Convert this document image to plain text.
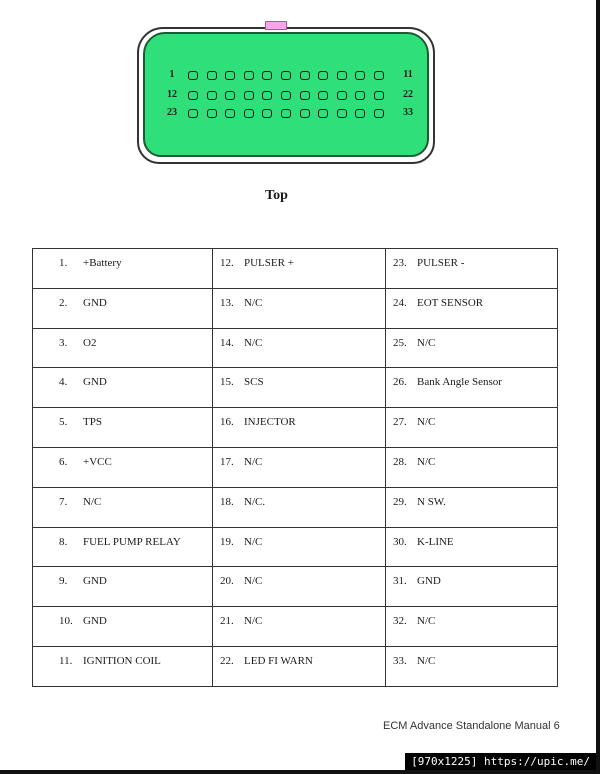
1	11
12	22
23	33
Top
1. +Battery	12. PULSER +	23. PULSER -

2. GND	13. N/C	24. EOT SENSOR

3. O2	14. N/C	25. N/C

4. GND	15. SCS	26. Bank Angle Sensor

5. TPS	16. INJECTOR	27. N/C

6. +VCC	17. N/C	28. N/C

7. N/C	18. N/C.	29. N SW.

8. FUEL PUMP RELAY	19. N/C	30. K-LINE

9. GND	20. N/C	31. GND

10. GND	21. N/C	32. N/C

11. IGNITION COIL	22. LED FI WARN	33. N/C
ECM Advance Standalone Manual 6
[970x1225] https://upic.me/
